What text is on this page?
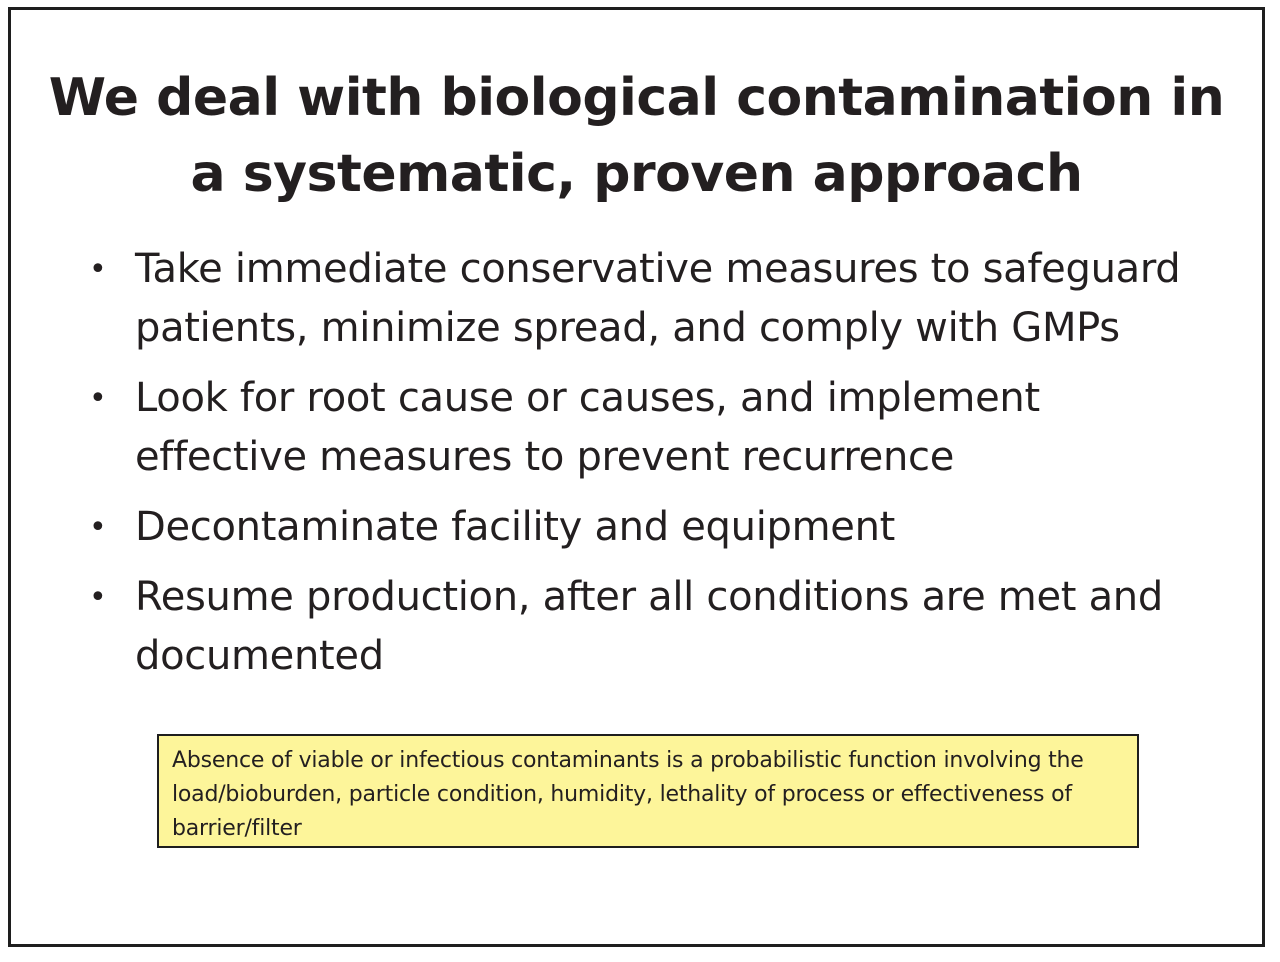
We deal with biological contamination in
a systematic, proven approach
• Take immediate conservative measures to safeguard
patients, minimize spread, and comply with GMPs
• Look for root cause or causes, and implement
effective measures to prevent recurrence
• Decontaminate facility and equipment
• Resume production, after all conditions are met and
documented
Absence of viable or infectious contaminants is a probabilistic function involving the
load/bioburden, particle condition, humidity, lethality of process or effectiveness of
barrier/filter
